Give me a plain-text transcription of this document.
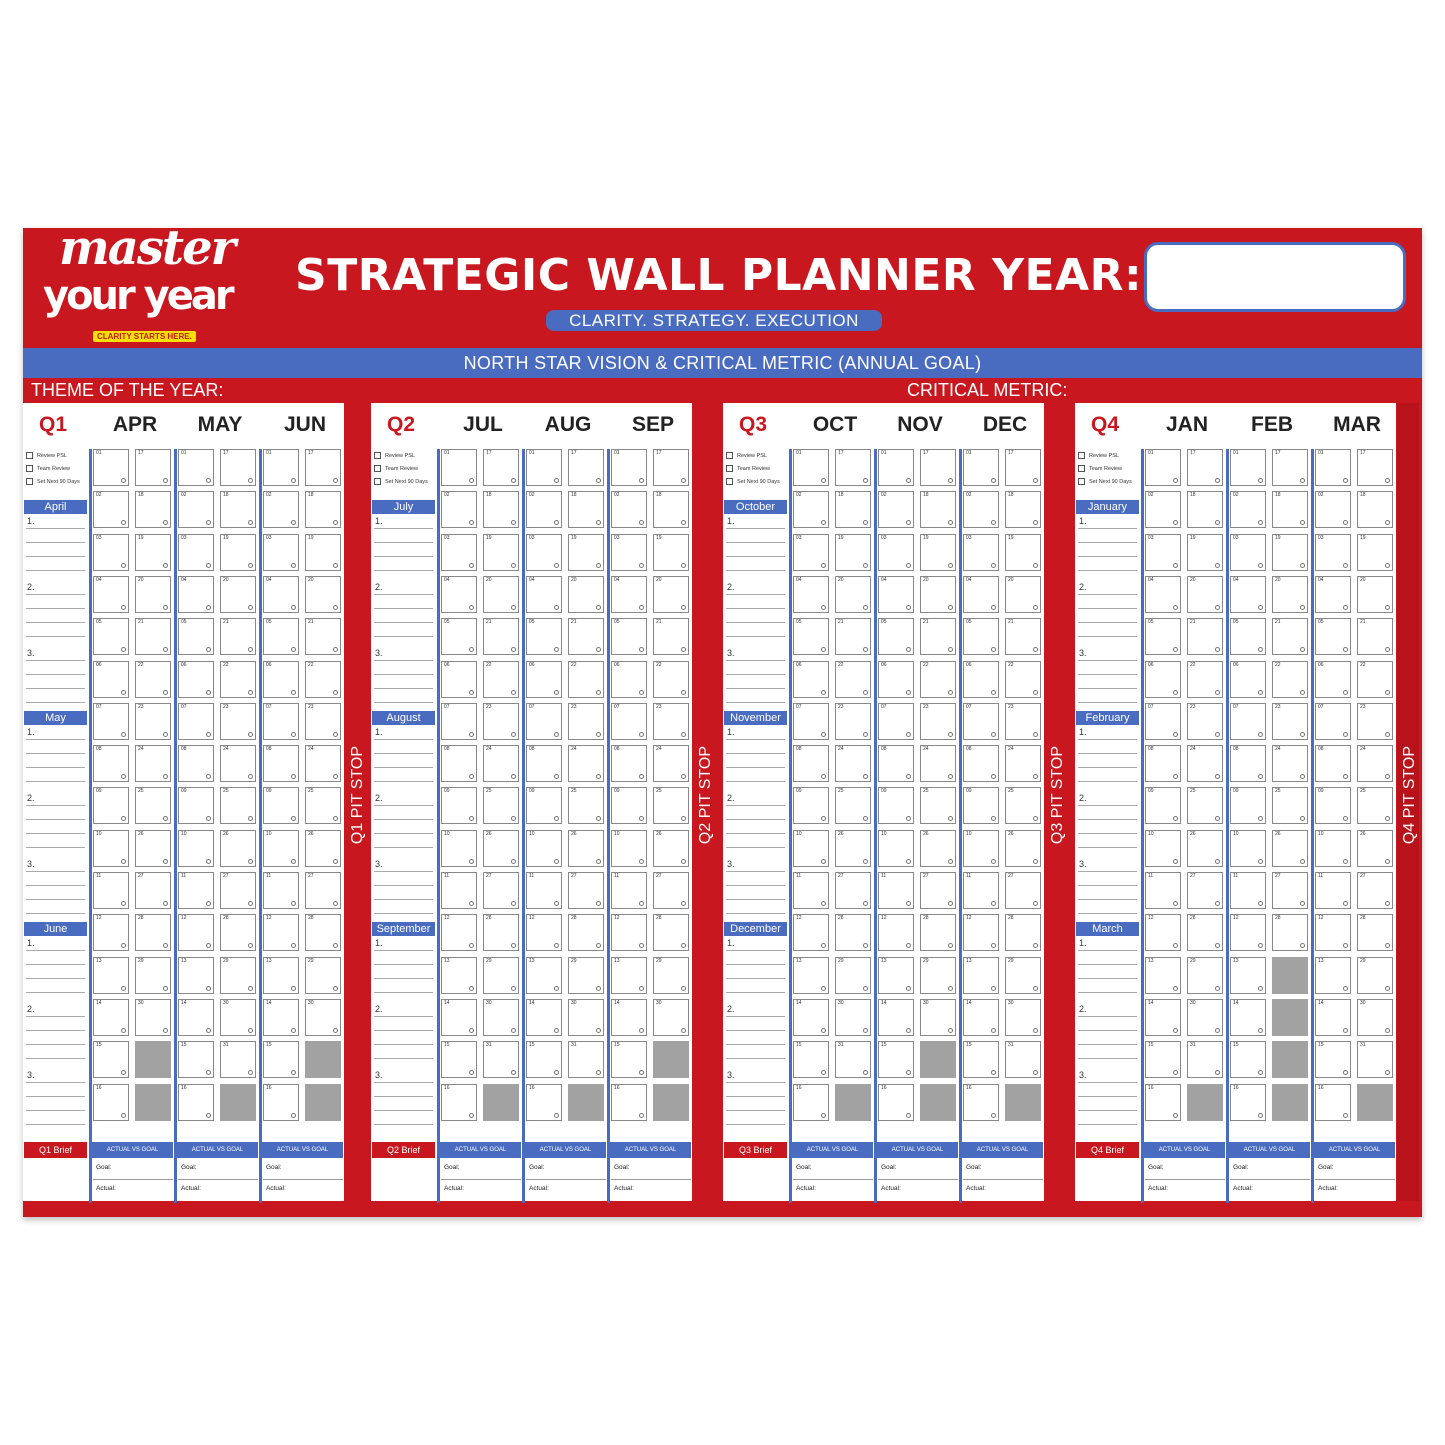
master
your year
CLARITY STARTS HERE.
STRATEGIC WALL PLANNER YEAR:
CLARITY. STRATEGY. EXECUTION
NORTH STAR VISION & CRITICAL METRIC (ANNUAL GOAL)
THEME OF THE YEAR:	CRITICAL METRIC:
Q1	APR	MAY	JUN
Review PSL
Team Review
Set Next 90 Days
April
1.
2.
3.
May
1.
2.
3.
June
1.
2.
3.
01	17
02	18
03	19
04	20
05	21
06	22
07	23
08	24
09	25
10	26
11	27
12	28
13	29
14	30
15
16
01	17
02	18
03	19
04	20
05	21
06	22
07	23
08	24
09	25
10	26
11	27
12	28
13	29
14	30
15	31
16
01	17
02	18
03	19
04	20
05	21
06	22
07	23
08	24
09	25
10	26
11	27
12	28
13	29
14	30
15
16
Q1 Brief	ACTUAL VS GOAL
Goal:
Actual:
ACTUAL VS GOAL
Goal:
Actual:
ACTUAL VS GOAL
Goal:
Actual:
Q2	JUL	AUG	SEP
Review PSL
Team Review
Set Next 90 Days
July
1.
2.
3.
August
1.
2.
3.
September
1.
2.
3.
01	17
02	18
03	19
04	20
05	21
06	22
07	23
08	24
09	25
10	26
11	27
12	28
13	29
14	30
15	31
16
01	17
02	18
03	19
04	20
05	21
06	22
07	23
08	24
09	25
10	26
11	27
12	28
13	29
14	30
15	31
16
01	17
02	18
03	19
04	20
05	21
06	22
07	23
08	24
09	25
10	26
11	27
12	28
13	29
14	30
15
16
Q2 Brief	ACTUAL VS GOAL
Goal:
Actual:
ACTUAL VS GOAL
Goal:
Actual:
ACTUAL VS GOAL
Goal:
Actual:
Q3	OCT	NOV	DEC
Review PSL
Team Review
Set Next 90 Days
October
1.
2.
3.
November
1.
2.
3.
December
1.
2.
3.
01	17
02	18
03	19
04	20
05	21
06	22
07	23
08	24
09	25
10	26
11	27
12	28
13	29
14	30
15	31
16
01	17
02	18
03	19
04	20
05	21
06	22
07	23
08	24
09	25
10	26
11	27
12	28
13	29
14	30
15
16
01	17
02	18
03	19
04	20
05	21
06	22
07	23
08	24
09	25
10	26
11	27
12	28
13	29
14	30
15	31
16
Q3 Brief	ACTUAL VS GOAL
Goal:
Actual:
ACTUAL VS GOAL
Goal:
Actual:
ACTUAL VS GOAL
Goal:
Actual:
Q4	JAN	FEB	MAR
Review PSL
Team Review
Set Next 90 Days
January
1.
2.
3.
February
1.
2.
3.
March
1.
2.
3.
01	17
02	18
03	19
04	20
05	21
06	22
07	23
08	24
09	25
10	26
11	27
12	28
13	29
14	30
15	31
16
01	17
02	18
03	19
04	20
05	21
06	22
07	23
08	24
09	25
10	26
11	27
12	28
13
14
15
16
01	17
02	18
03	19
04	20
05	21
06	22
07	23
08	24
09	25
10	26
11	27
12	28
13	29
14	30
15	31
16
Q4 Brief	ACTUAL VS GOAL
Goal:
Actual:
ACTUAL VS GOAL
Goal:
Actual:
ACTUAL VS GOAL
Goal:
Actual:
Q1 PIT STOP	Q2 PIT STOP	Q3 PIT STOP	Q4 PIT STOP
